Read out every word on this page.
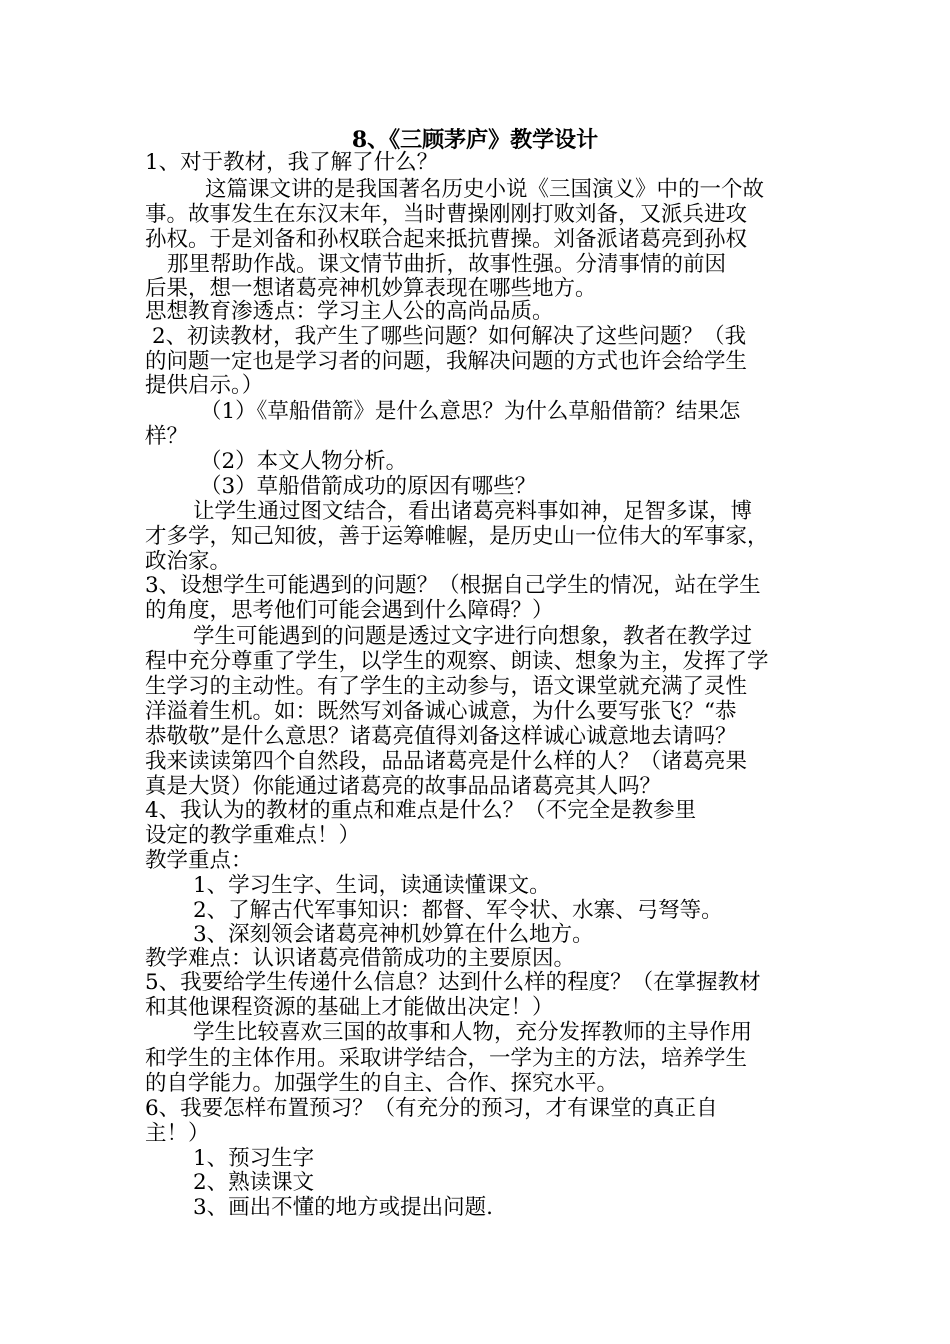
8、《三顾茅庐》教学设计
1、对于教材，我了解了什么？
这篇课文讲的是我国著名历史小说《三国演义》中的一个故
事。故事发生在东汉末年，当时曹操刚刚打败刘备，又派兵进攻
孙权。于是刘备和孙权联合起来抵抗曹操。刘备派诸葛亮到孙权
那里帮助作战。课文情节曲折，故事性强。分清事情的前因
后果，想一想诸葛亮神机妙算表现在哪些地方。
思想教育渗透点：学习主人公的高尚品质。
2、初读教材，我产生了哪些问题？如何解决了这些问题？（我
的问题一定也是学习者的问题，我解决问题的方式也许会给学生
提供启示。）
（1）《草船借箭》是什么意思？为什么草船借箭？结果怎
样？
（2）本文人物分析。
（3）草船借箭成功的原因有哪些？
让学生通过图文结合，看出诸葛亮料事如神，足智多谋，博
才多学，知己知彼，善于运筹帷幄，是历史山一位伟大的军事家，
政治家。
3、设想学生可能遇到的问题？（根据自己学生的情况，站在学生
的角度，思考他们可能会遇到什么障碍？）
学生可能遇到的问题是透过文字进行向想象，教者在教学过
程中充分尊重了学生，以学生的观察、朗读、想象为主，发挥了学
生学习的主动性。有了学生的主动参与，语文课堂就充满了灵性
洋溢着生机。如：既然写刘备诚心诚意，为什么要写张飞？“恭
恭敬敬”是什么意思？诸葛亮值得刘备这样诚心诚意地去请吗？
我来读读第四个自然段，品品诸葛亮是什么样的人？（诸葛亮果
真是大贤）你能通过诸葛亮的故事品品诸葛亮其人吗？
4、我认为的教材的重点和难点是什么？（不完全是教参里
设定的教学重难点！）
教学重点：
1、学习生字、生词，读通读懂课文。
2、了解古代军事知识：都督、军令状、水寨、弓弩等。
3、深刻领会诸葛亮神机妙算在什么地方。
教学难点：认识诸葛亮借箭成功的主要原因。
5、我要给学生传递什么信息？达到什么样的程度？（在掌握教材
和其他课程资源的基础上才能做出决定！）
学生比较喜欢三国的故事和人物，充分发挥教师的主导作用
和学生的主体作用。采取讲学结合，一学为主的方法，培养学生
的自学能力。加强学生的自主、合作、探究水平。
6、我要怎样布置预习？（有充分的预习，才有课堂的真正自
主！）
1、预习生字
2、熟读课文
3、画出不懂的地方或提出问题.
